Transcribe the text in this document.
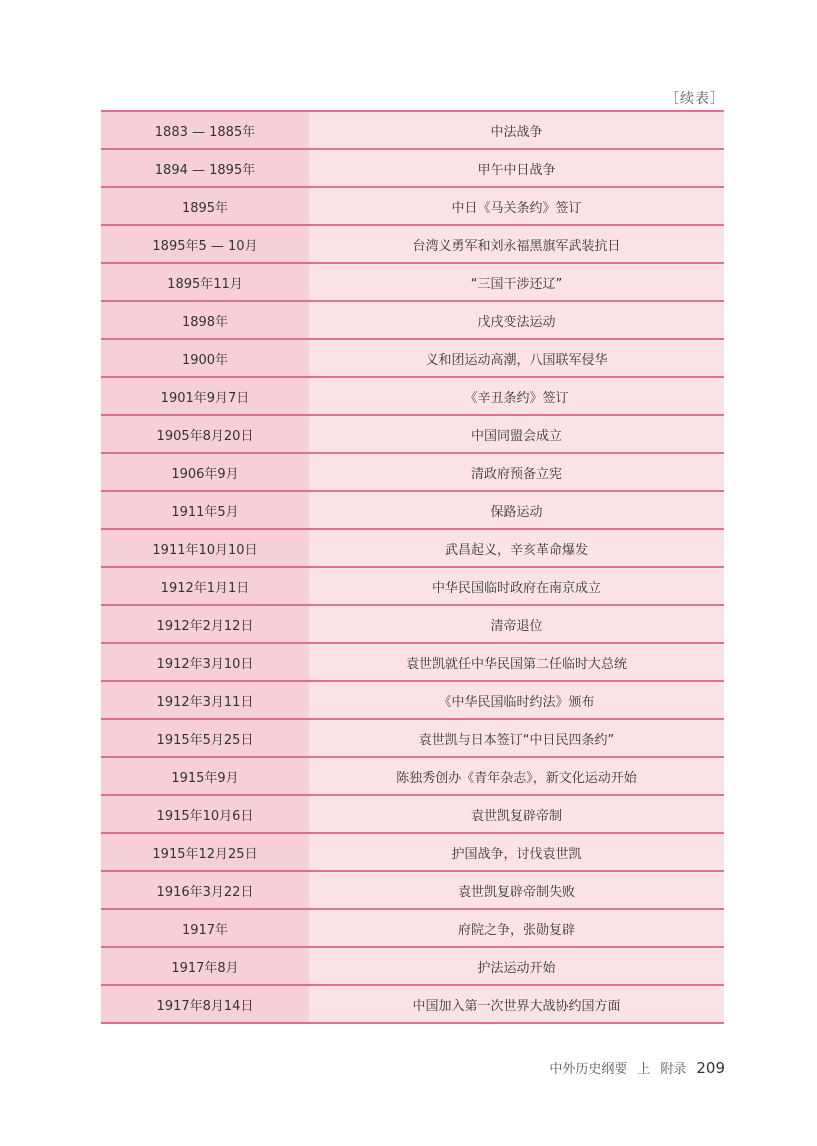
［续表］
1883 — 1885年	中法战争
1894 — 1895年	甲午中日战争
1895年	中日《马关条约》签订
1895年5 — 10月	台湾义勇军和刘永福黑旗军武装抗日
1895年11月	“三国干涉还辽”
1898年	戊戌变法运动
1900年	义和团运动高潮，八国联军侵华
1901年9月7日	《辛丑条约》签订
1905年8月20日	中国同盟会成立
1906年9月	清政府预备立宪
1911年5月	保路运动
1911年10月10日	武昌起义，辛亥革命爆发
1912年1月1日	中华民国临时政府在南京成立
1912年2月12日	清帝退位
1912年3月10日	袁世凯就任中华民国第二任临时大总统
1912年3月11日	《中华民国临时约法》颁布
1915年5月25日	袁世凯与日本签订“中日民四条约”
1915年9月	陈独秀创办《青年杂志》，新文化运动开始
1915年10月6日	袁世凯复辟帝制
1915年12月25日	护国战争，讨伐袁世凯
1916年3月22日	袁世凯复辟帝制失败
1917年	府院之争，张勋复辟
1917年8月	护法运动开始
1917年8月14日	中国加入第一次世界大战协约国方面
中外历史纲要 上 附录 209
